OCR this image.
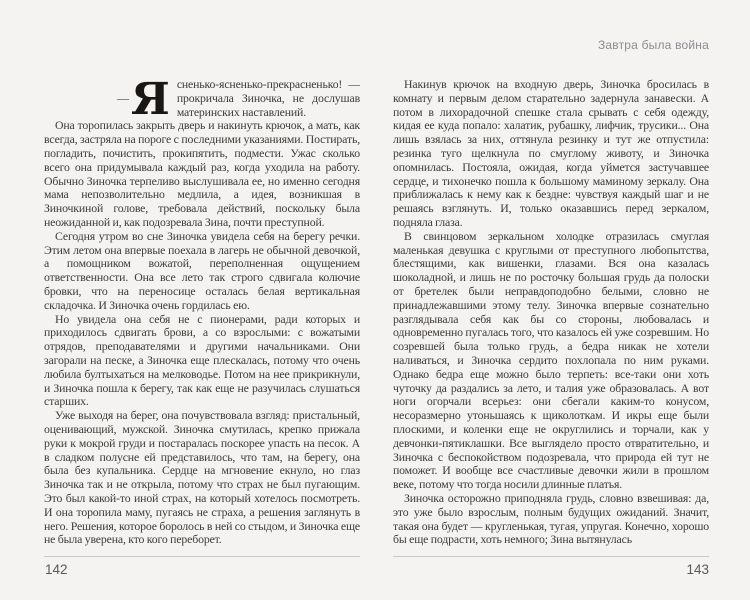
— Я сненько-ясненько-прекрасненько! — прокричала Зиночка, не дослушав материнских наставлений.

Она торопилась закрыть дверь и накинуть крючок, а мать, как всегда, застряла на пороге с последними указаниями. Постирать, погладить, почистить, прокипятить, подмести. Ужас сколько всего она придумывала каждый раз, когда уходила на работу. Обычно Зиночка терпеливо выслушивала ее, но именно сегодня мама непозволительно медлила, а идея, возникшая в Зиночкиной голове, требовала действий, поскольку была неожиданной и, как подозревала Зина, почти преступной.

Сегодня утром во сне Зиночка увидела себя на берегу речки. Этим летом она впервые поехала в лагерь не обычной девочкой, а помощником вожатой, переполненная ощущением ответственности. Она все лето так строго сдвигала колючие бровки, что на переносице осталась белая вертикальная складочка. И Зиночка очень гордилась ею.

Но увидела она себя не с пионерами, ради которых и приходилось сдвигать брови, а со взрослыми: с вожатыми отрядов, преподавателями и другими начальниками. Они загорали на песке, а Зиночка еще плескалась, потому что очень любила бултыхаться на мелководье. Потом на нее прикрикнули, и Зиночка пошла к берегу, так как еще не разучилась слушаться старших.

Уже выходя на берег, она почувствовала взгляд: пристальный, оценивающий, мужской. Зиночка смутилась, крепко прижала руки к мокрой груди и постаралась поскорее упасть на песок. А в сладком полусне ей представилось, что там, на берегу, она была без купальника. Сердце на мгновение екнуло, но глаз Зиночка так и не открыла, потому что страх не был пугающим. Это был какой-то иной страх, на который хотелось посмотреть. И она торопила маму, пугаясь не страха, а решения заглянуть в него. Решения, которое боролось в ней со стыдом, и Зиночка еще не была уверена, кто кого переборет.

142
Завтра была война

Накинув крючок на входную дверь, Зиночка бросилась в комнату и первым делом старательно задернула занавески. А потом в лихорадочной спешке стала срывать с себя одежду, кидая ее куда попало: халатик, рубашку, лифчик, трусики... Она лишь взялась за них, оттянула резинку и тут же отпустила: резинка туго щелкнула по смуглому животу, и Зиночка опомнилась. Постояла, ожидая, когда уймется застучавшее сердце, и тихонечко пошла к большому маминому зеркалу. Она приближалась к нему как к бездне: чувствуя каждый шаг и не решаясь взглянуть. И, только оказавшись перед зеркалом, подняла глаза.

В свинцовом зеркальном холодке отразилась смуглая маленькая девушка с круглыми от преступного любопытства, блестящими, как вишенки, глазами. Вся она казалась шоколадной, и лишь не по росточку большая грудь да полоски от бретелек были неправдоподобно белыми, словно не принадлежавшими этому телу. Зиночка впервые сознательно разглядывала себя как бы со стороны, любовалась и одновременно пугалась того, что казалось ей уже созревшим. Но созревшей была только грудь, а бедра никак не хотели наливаться, и Зиночка сердито похлопала по ним руками. Однако бедра еще можно было терпеть: все-таки они хоть чуточку да раздались за лето, и талия уже образовалась. А вот ноги огорчали всерьез: они сбегали каким-то конусом, несоразмерно утоньшаясь к щиколоткам. И икры еще были плоскими, и коленки еще не округлились и торчали, как у девчонки-пятиклашки. Все выглядело просто отвратительно, и Зиночка с беспокойством подозревала, что природа ей тут не поможет. И вообще все счастливые девочки жили в прошлом веке, потому что тогда носили длинные платья.

Зиночка осторожно приподняла грудь, словно взвешивая: да, это уже было взрослым, полным будущих ожиданий. Значит, такая она будет — кругленькая, тугая, упругая. Конечно, хорошо бы еще подрасти, хоть немного; Зина вытянулась

143
